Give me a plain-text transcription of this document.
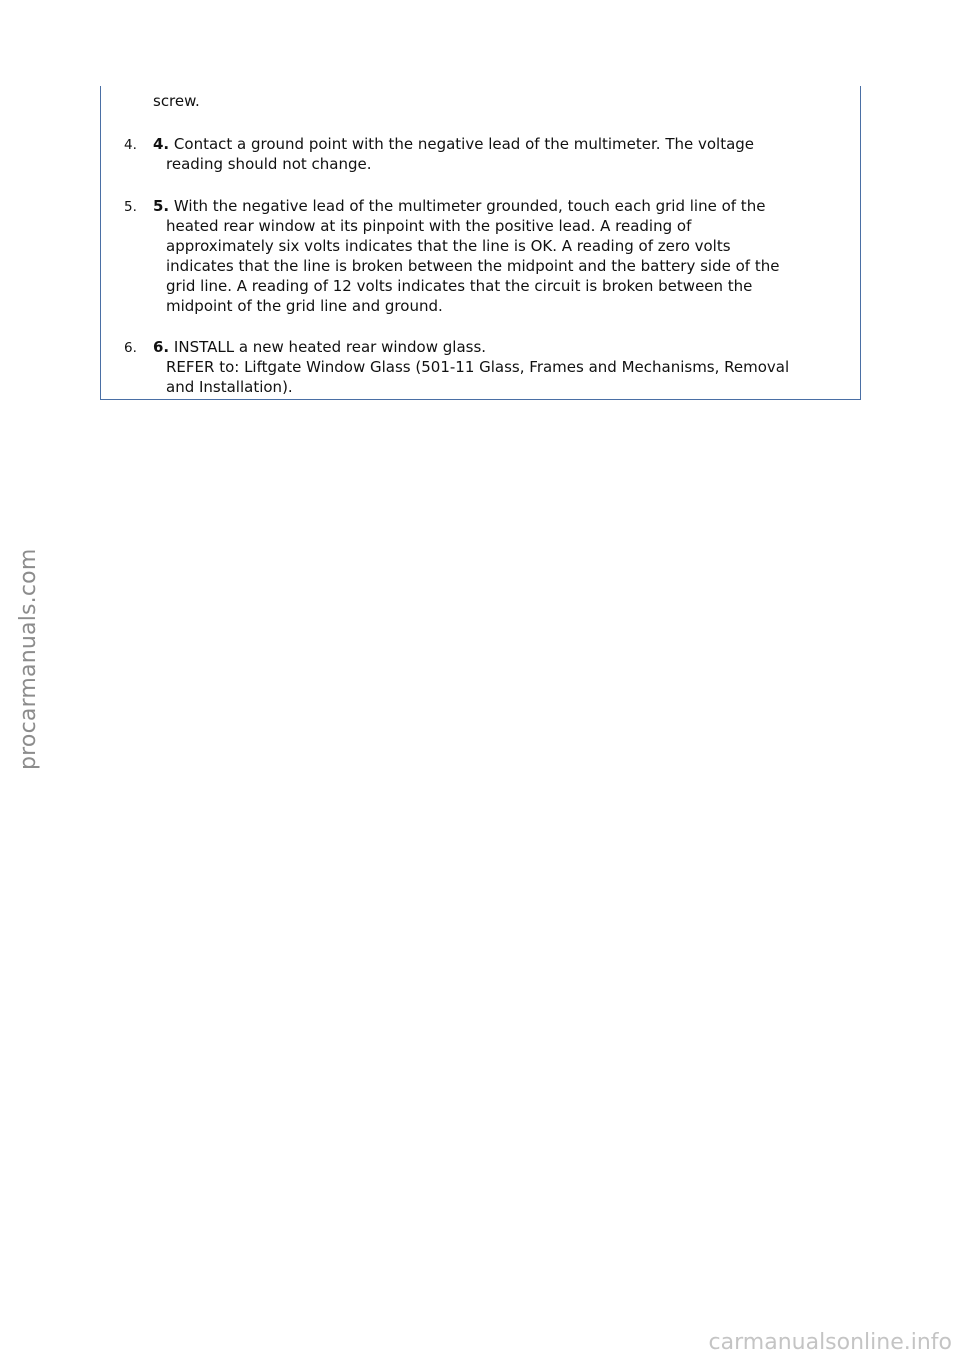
screw.

4. 4. Contact a ground point with the negative lead of the multimeter. The voltage
reading should not change.
5. 5. With the negative lead of the multimeter grounded, touch each grid line of the
heated rear window at its pinpoint with the positive lead. A reading of
approximately six volts indicates that the line is OK. A reading of zero volts
indicates that the line is broken between the midpoint and the battery side of the
grid line. A reading of 12 volts indicates that the circuit is broken between the
midpoint of the grid line and ground.
6. 6. INSTALL a new heated rear window glass.
REFER to: Liftgate Window Glass (501-11 Glass, Frames and Mechanisms, Removal
and Installation).
procarmanuals.com
carmanualsonline.info
